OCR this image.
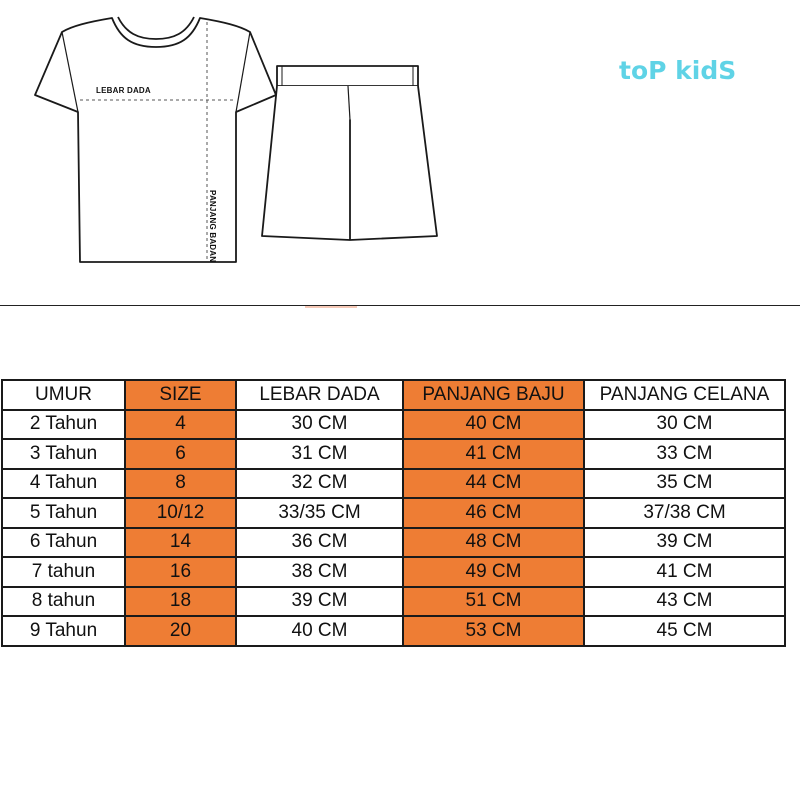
LEBAR DADA
PANJANG BADAN
toP kidS
UMUR	SIZE	LEBAR DADA	PANJANG BAJU	PANJANG CELANA
2 Tahun	4	30 CM	40 CM	30 CM
3 Tahun	6	31 CM	41 CM	33 CM
4 Tahun	8	32 CM	44 CM	35 CM
5 Tahun	10/12	33/35 CM	46 CM	37/38 CM
6 Tahun	14	36 CM	48 CM	39 CM
7 tahun	16	38 CM	49 CM	41 CM
8 tahun	18	39 CM	51 CM	43 CM
9 Tahun	20	40 CM	53 CM	45 CM
